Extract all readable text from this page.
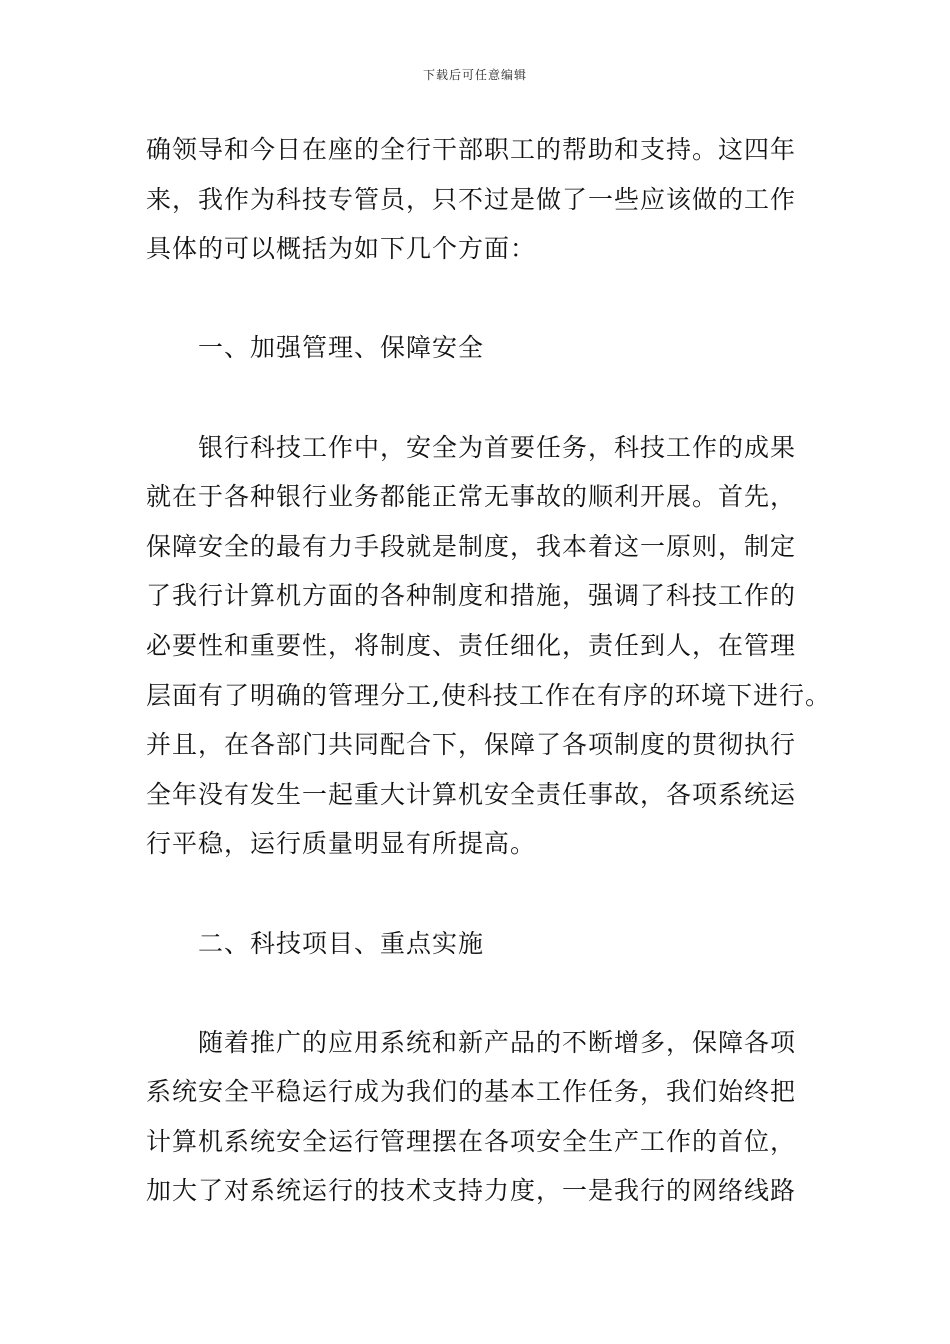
下载后可任意编辑
确领导和今日在座的全行干部职工的帮助和支持。这四年
来，我作为科技专管员，只不过是做了一些应该做的工作
具体的可以概括为如下几个方面：
一、加强管理、保障安全
银行科技工作中，安全为首要任务，科技工作的成果
就在于各种银行业务都能正常无事故的顺利开展。首先，
保障安全的最有力手段就是制度，我本着这一原则，制定
了我行计算机方面的各种制度和措施，强调了科技工作的
必要性和重要性，将制度、责任细化，责任到人，在管理
层面有了明确的管理分工,使科技工作在有序的环境下进行。
并且，在各部门共同配合下，保障了各项制度的贯彻执行
全年没有发生一起重大计算机安全责任事故，各项系统运
行平稳，运行质量明显有所提高。
二、科技项目、重点实施
随着推广的应用系统和新产品的不断增多，保障各项
系统安全平稳运行成为我们的基本工作任务，我们始终把
计算机系统安全运行管理摆在各项安全生产工作的首位，
加大了对系统运行的技术支持力度，一是我行的网络线路
